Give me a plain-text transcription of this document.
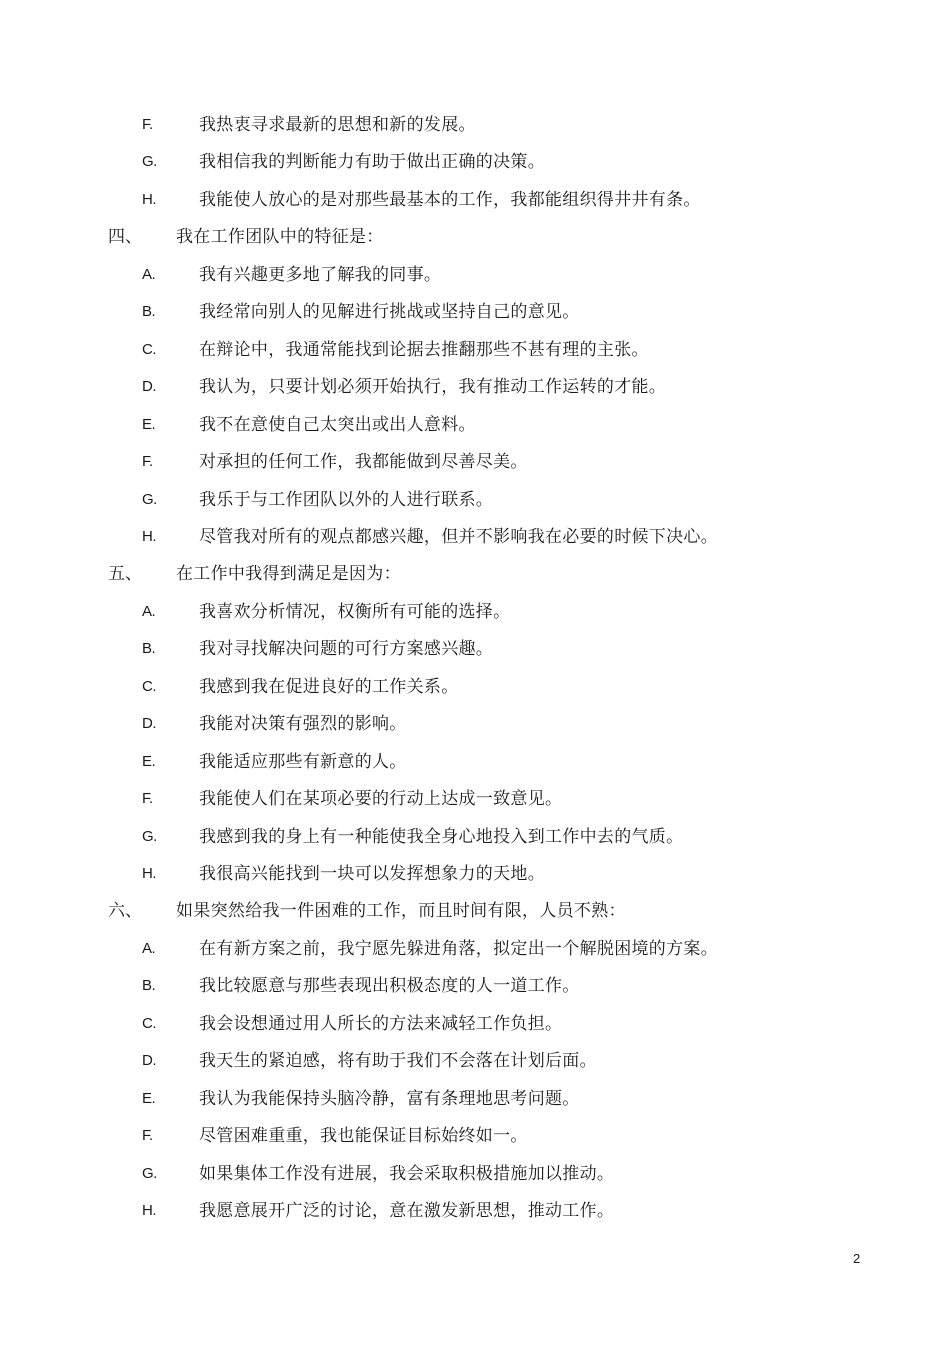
F.	我热衷寻求最新的思想和新的发展。
G. 我相信我的判断能力有助于做出正确的决策。
H.	我能使人放心的是对那些最基本的工作，我都能组织得井井有条。
四、 我在工作团队中的特征是：
A.	我有兴趣更多地了解我的同事。
B.	我经常向别人的见解进行挑战或坚持自己的意见。
C.	在辩论中，我通常能找到论据去推翻那些不甚有理的主张。
D.	我认为，只要计划必须开始执行，我有推动工作运转的才能。
E.	我不在意使自己太突出或出人意料。
F.	对承担的任何工作，我都能做到尽善尽美。
G. 我乐于与工作团队以外的人进行联系。
H.	尽管我对所有的观点都感兴趣，但并不影响我在必要的时候下决心。
五、 在工作中我得到满足是因为：
A.	我喜欢分析情况，权衡所有可能的选择。
B.	我对寻找解决问题的可行方案感兴趣。
C.	我感到我在促进良好的工作关系。
D.	我能对决策有强烈的影响。
E.	我能适应那些有新意的人。
F.	我能使人们在某项必要的行动上达成一致意见。
G. 我感到我的身上有一种能使我全身心地投入到工作中去的气质。
H.	我很高兴能找到一块可以发挥想象力的天地。
六、 如果突然给我一件困难的工作，而且时间有限，人员不熟：
A.	在有新方案之前，我宁愿先躲进角落，拟定出一个解脱困境的方案。
B.	我比较愿意与那些表现出积极态度的人一道工作。
C.	我会设想通过用人所长的方法来减轻工作负担。
D.	我天生的紧迫感，将有助于我们不会落在计划后面。
E.	我认为我能保持头脑冷静，富有条理地思考问题。
F.	尽管困难重重，我也能保证目标始终如一。
G. 如果集体工作没有进展，我会采取积极措施加以推动。
H.	我愿意展开广泛的讨论，意在激发新思想，推动工作。
2
